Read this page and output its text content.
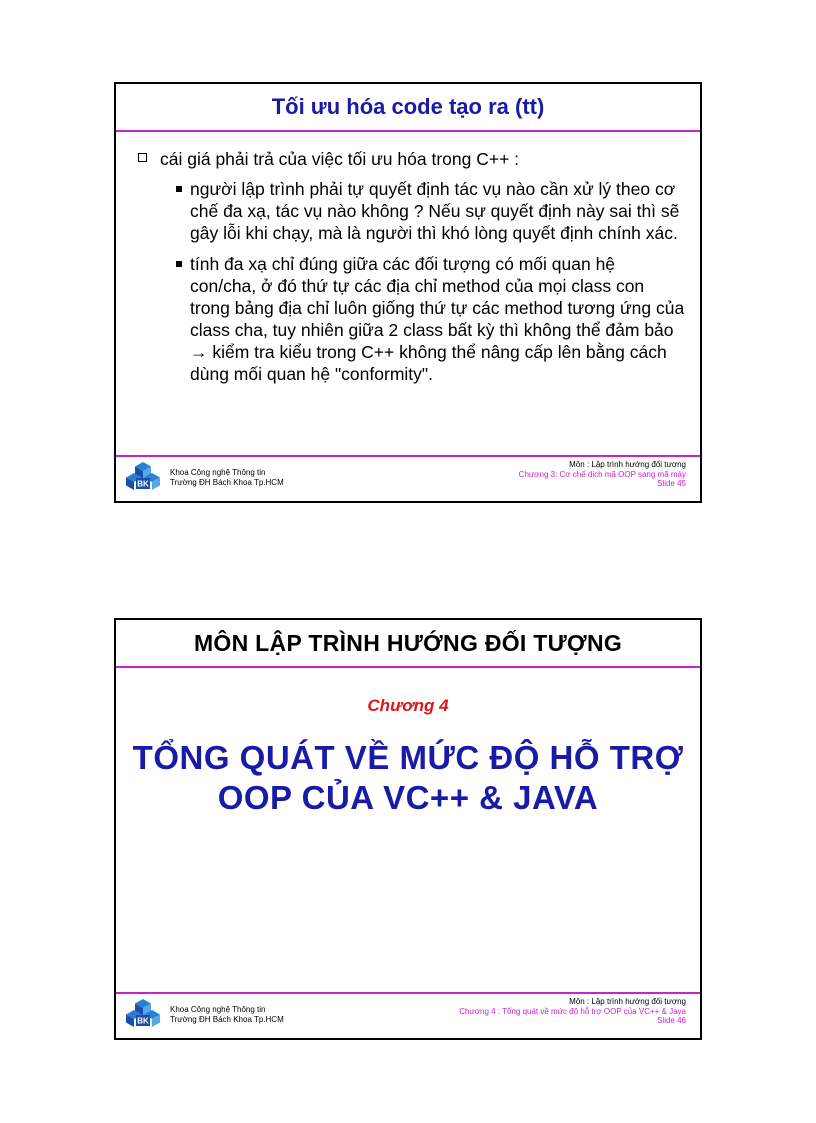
Tối ưu hóa code tạo ra (tt)
cái giá phải trả của việc tối ưu hóa trong C++ :
người lập trình phải tự quyết định tác vụ nào cần xử lý theo cơ chế đa xạ, tác vụ nào không ? Nếu sự quyết định này sai thì sẽ gây lỗi khi chạy, mà là người thì khó lòng quyết định chính xác.
tính đa xạ chỉ đúng giữa các đối tượng có mối quan hệ con/cha, ở đó thứ tự các địa chỉ method của mọi class con trong bảng địa chỉ luôn giống thứ tự các method tương ứng của class cha, tuy nhiên giữa 2 class bất kỳ thì không thể đảm bảo → kiểm tra kiểu trong C++ không thể nâng cấp lên bằng cách dùng mối quan hệ "conformity".
BK
Khoa Công nghệ Thông tin
Trường ĐH Bách Khoa Tp.HCM
Môn : Lập trình hướng đối tượng
Chương 3: Cơ chế dịch mã OOP sang mã máy
Slide 45
MÔN LẬP TRÌNH HƯỚNG ĐỐI TƯỢNG
Chương 4
TỔNG QUÁT VỀ MỨC ĐỘ HỖ TRỢ
OOP CỦA VC++ & JAVA
BK
Khoa Công nghệ Thông tin
Trường ĐH Bách Khoa Tp.HCM
Môn : Lập trình hướng đối tượng
Chương 4 : Tổng quát về mức độ hỗ trợ OOP của VC++ & Java
Slide 46
